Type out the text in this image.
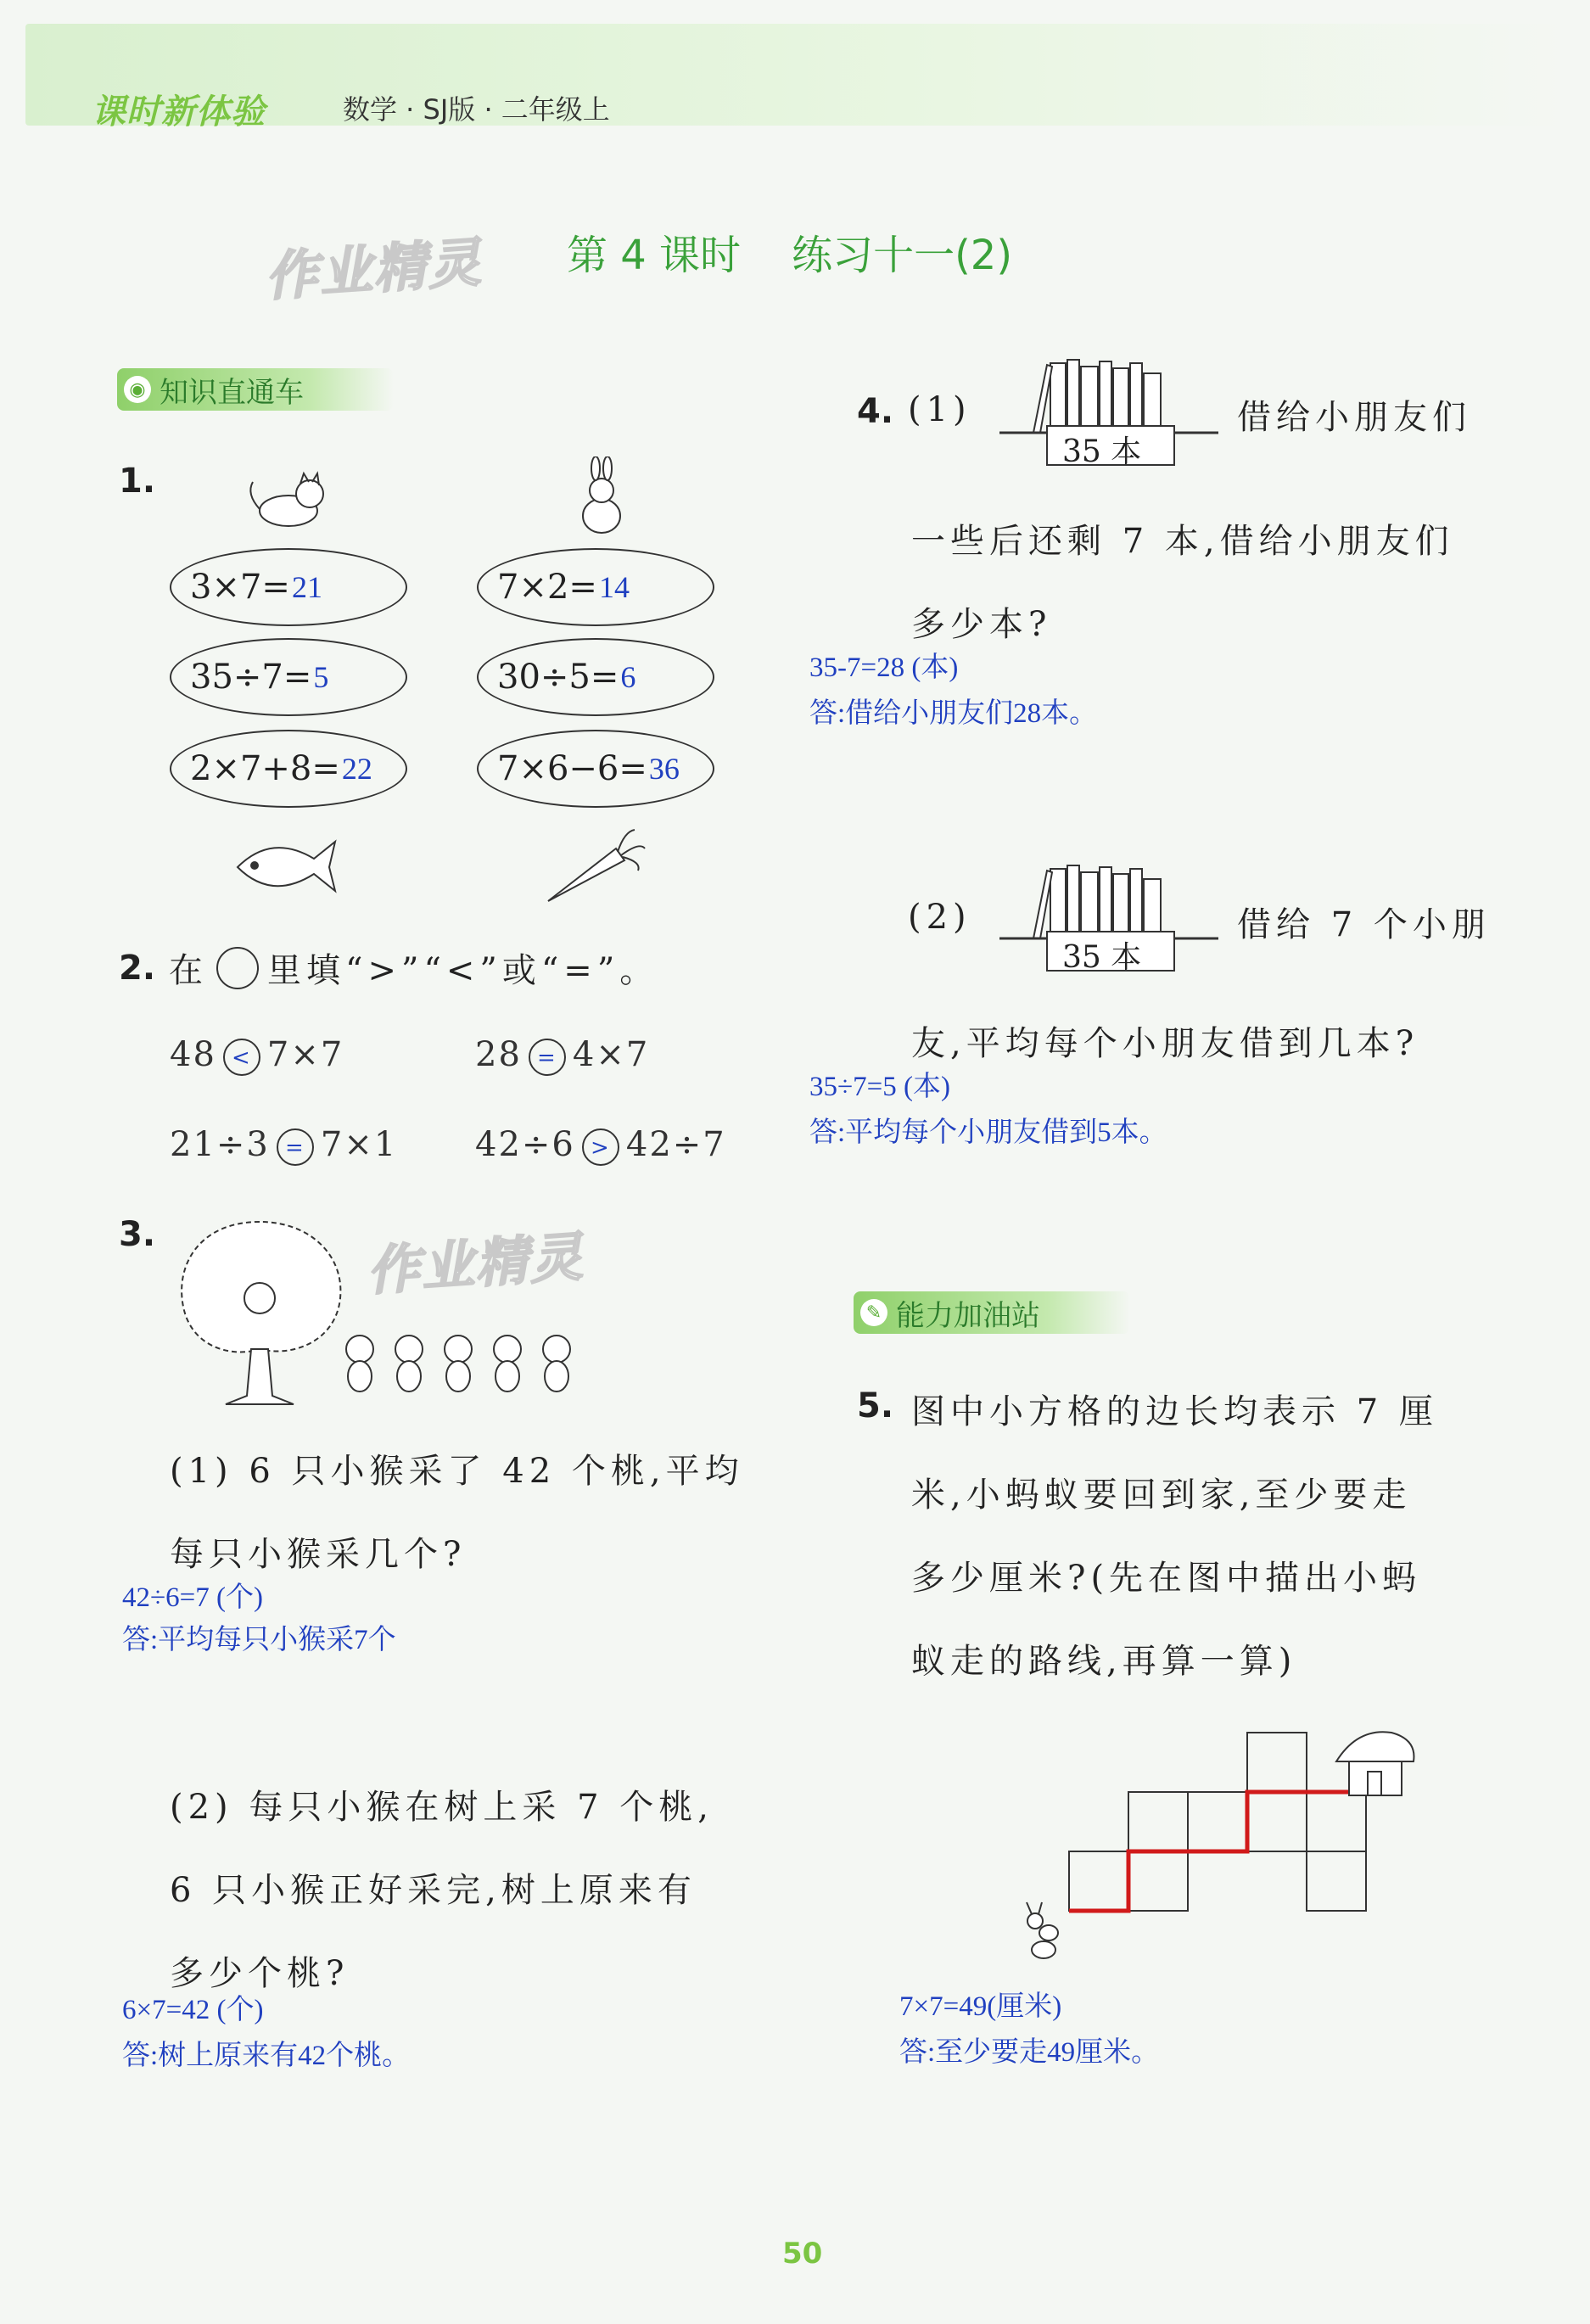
课时新体验	数学 · SJ版 · 二年级上
作业精灵 第 4 课时 练习十一(2)
◉ 知识直通车
1.
3×7= 21
35÷7= 5
2×7+8= 22
7×2= 14
30÷5= 6
7×6−6= 36
2. 在 里填“>”“<”或“=”。
48 < 7×7	28 = 4×7
21÷3 = 7×1 42÷6 > 42÷7
3.	作业精灵
(1) 6 只小猴采了 42 个桃,平均
每只小猴采几个?
42÷6=7 (个)
答:平均每只小猴采7个
(2) 每只小猴在树上采 7 个桃,
6 只小猴正好采完,树上原来有
多少个桃?
6×7=42 (个)
答:树上原来有42个桃。
4. (1)
35 本
借给小朋友们
一些后还剩 7 本,借给小朋友们
多少本?
35-7=28 (本)
答:借给小朋友们28本。
(2)
35 本
借给 7 个小朋
友,平均每个小朋友借到几本?
35÷7=5 (本)
答:平均每个小朋友借到5本。
✎ 能力加油站
5. 图中小方格的边长均表示 7 厘
米,小蚂蚁要回到家,至少要走
多少厘米?(先在图中描出小蚂
蚁走的路线,再算一算)
7×7=49(厘米)
答:至少要走49厘米。
50
